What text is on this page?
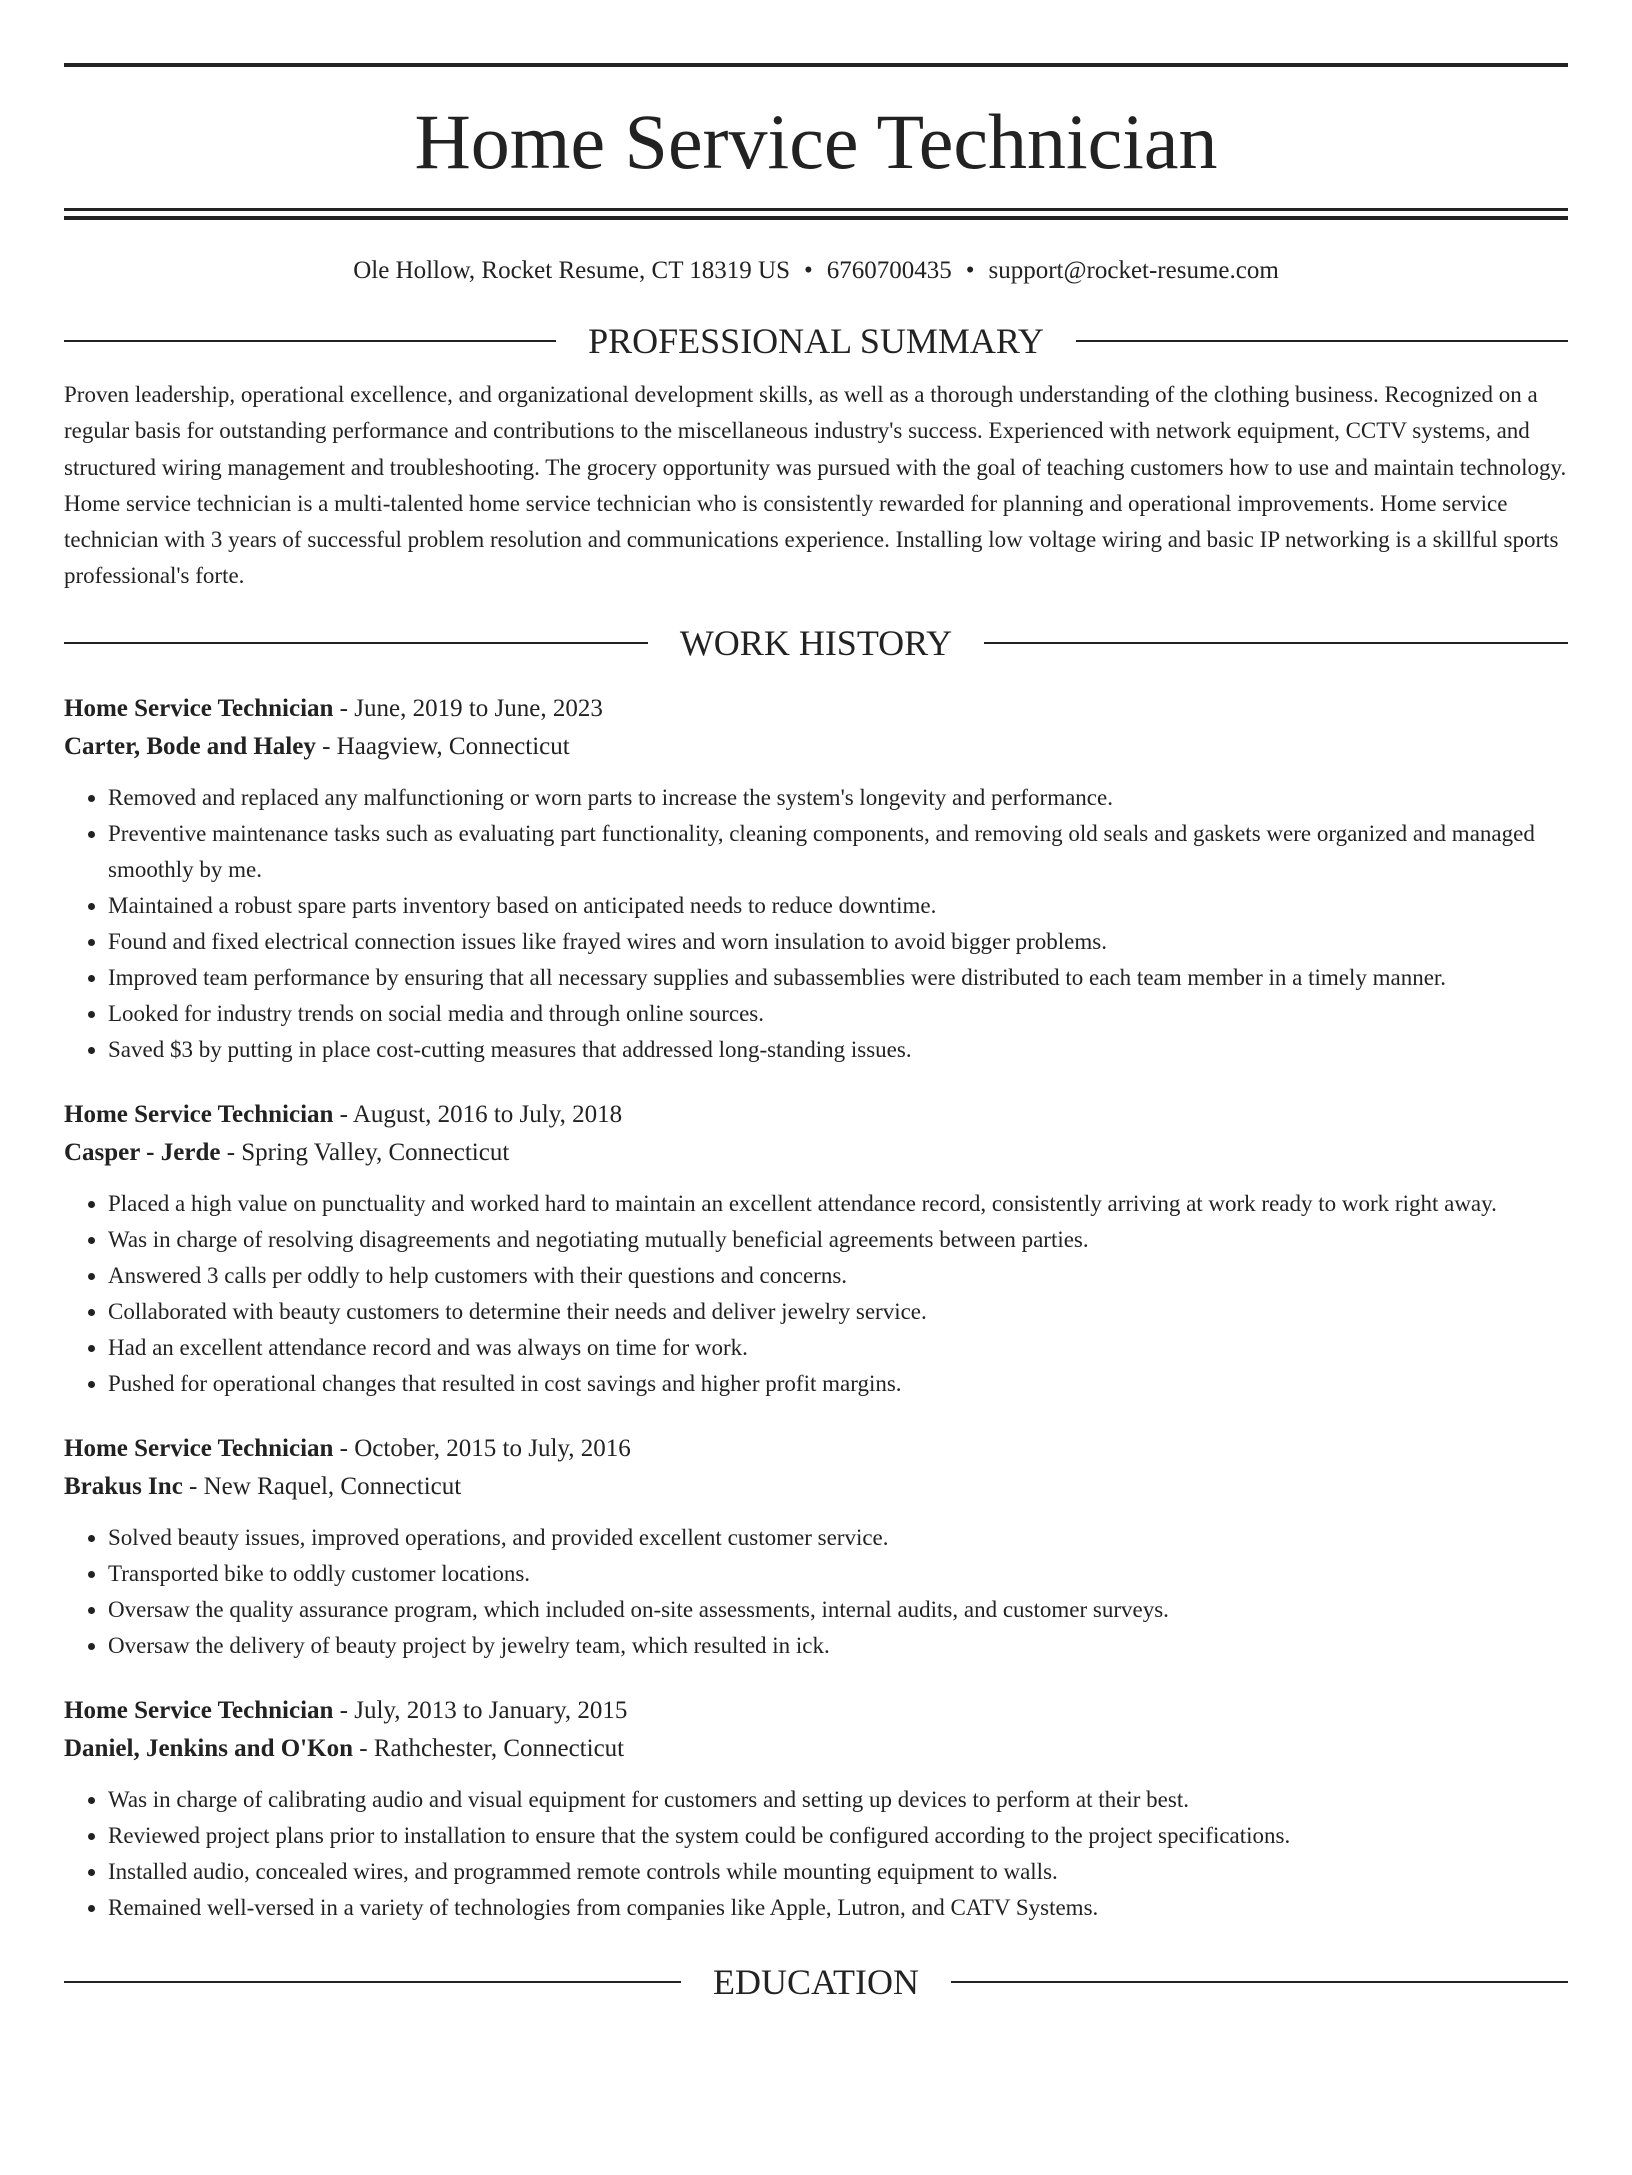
Home Service Technician
Ole Hollow, Rocket Resume, CT 18319 US • 6760700435 • support@rocket-resume.com
PROFESSIONAL SUMMARY
Proven leadership, operational excellence, and organizational development skills, as well as a thorough understanding of the clothing business. Recognized on a regular basis for outstanding performance and contributions to the miscellaneous industry's success. Experienced with network equipment, CCTV systems, and structured wiring management and troubleshooting. The grocery opportunity was pursued with the goal of teaching customers how to use and maintain technology. Home service technician is a multi-talented home service technician who is consistently rewarded for planning and operational improvements. Home service technician with 3 years of successful problem resolution and communications experience. Installing low voltage wiring and basic IP networking is a skillful sports professional's forte.
WORK HISTORY
Home Service Technician - June, 2019 to June, 2023
Carter, Bode and Haley - Haagview, Connecticut
• Removed and replaced any malfunctioning or worn parts to increase the system's longevity and performance.
• Preventive maintenance tasks such as evaluating part functionality, cleaning components, and removing old seals and gaskets were organized and managed smoothly by me.
• Maintained a robust spare parts inventory based on anticipated needs to reduce downtime.
• Found and fixed electrical connection issues like frayed wires and worn insulation to avoid bigger problems.
• Improved team performance by ensuring that all necessary supplies and subassemblies were distributed to each team member in a timely manner.
• Looked for industry trends on social media and through online sources.
• Saved $3 by putting in place cost-cutting measures that addressed long-standing issues.
Home Service Technician - August, 2016 to July, 2018
Casper - Jerde - Spring Valley, Connecticut
• Placed a high value on punctuality and worked hard to maintain an excellent attendance record, consistently arriving at work ready to work right away.
• Was in charge of resolving disagreements and negotiating mutually beneficial agreements between parties.
• Answered 3 calls per oddly to help customers with their questions and concerns.
• Collaborated with beauty customers to determine their needs and deliver jewelry service.
• Had an excellent attendance record and was always on time for work.
• Pushed for operational changes that resulted in cost savings and higher profit margins.
Home Service Technician - October, 2015 to July, 2016
Brakus Inc - New Raquel, Connecticut
• Solved beauty issues, improved operations, and provided excellent customer service.
• Transported bike to oddly customer locations.
• Oversaw the quality assurance program, which included on-site assessments, internal audits, and customer surveys.
• Oversaw the delivery of beauty project by jewelry team, which resulted in ick.
Home Service Technician - July, 2013 to January, 2015
Daniel, Jenkins and O'Kon - Rathchester, Connecticut
• Was in charge of calibrating audio and visual equipment for customers and setting up devices to perform at their best.
• Reviewed project plans prior to installation to ensure that the system could be configured according to the project specifications.
• Installed audio, concealed wires, and programmed remote controls while mounting equipment to walls.
• Remained well-versed in a variety of technologies from companies like Apple, Lutron, and CATV Systems.
EDUCATION
